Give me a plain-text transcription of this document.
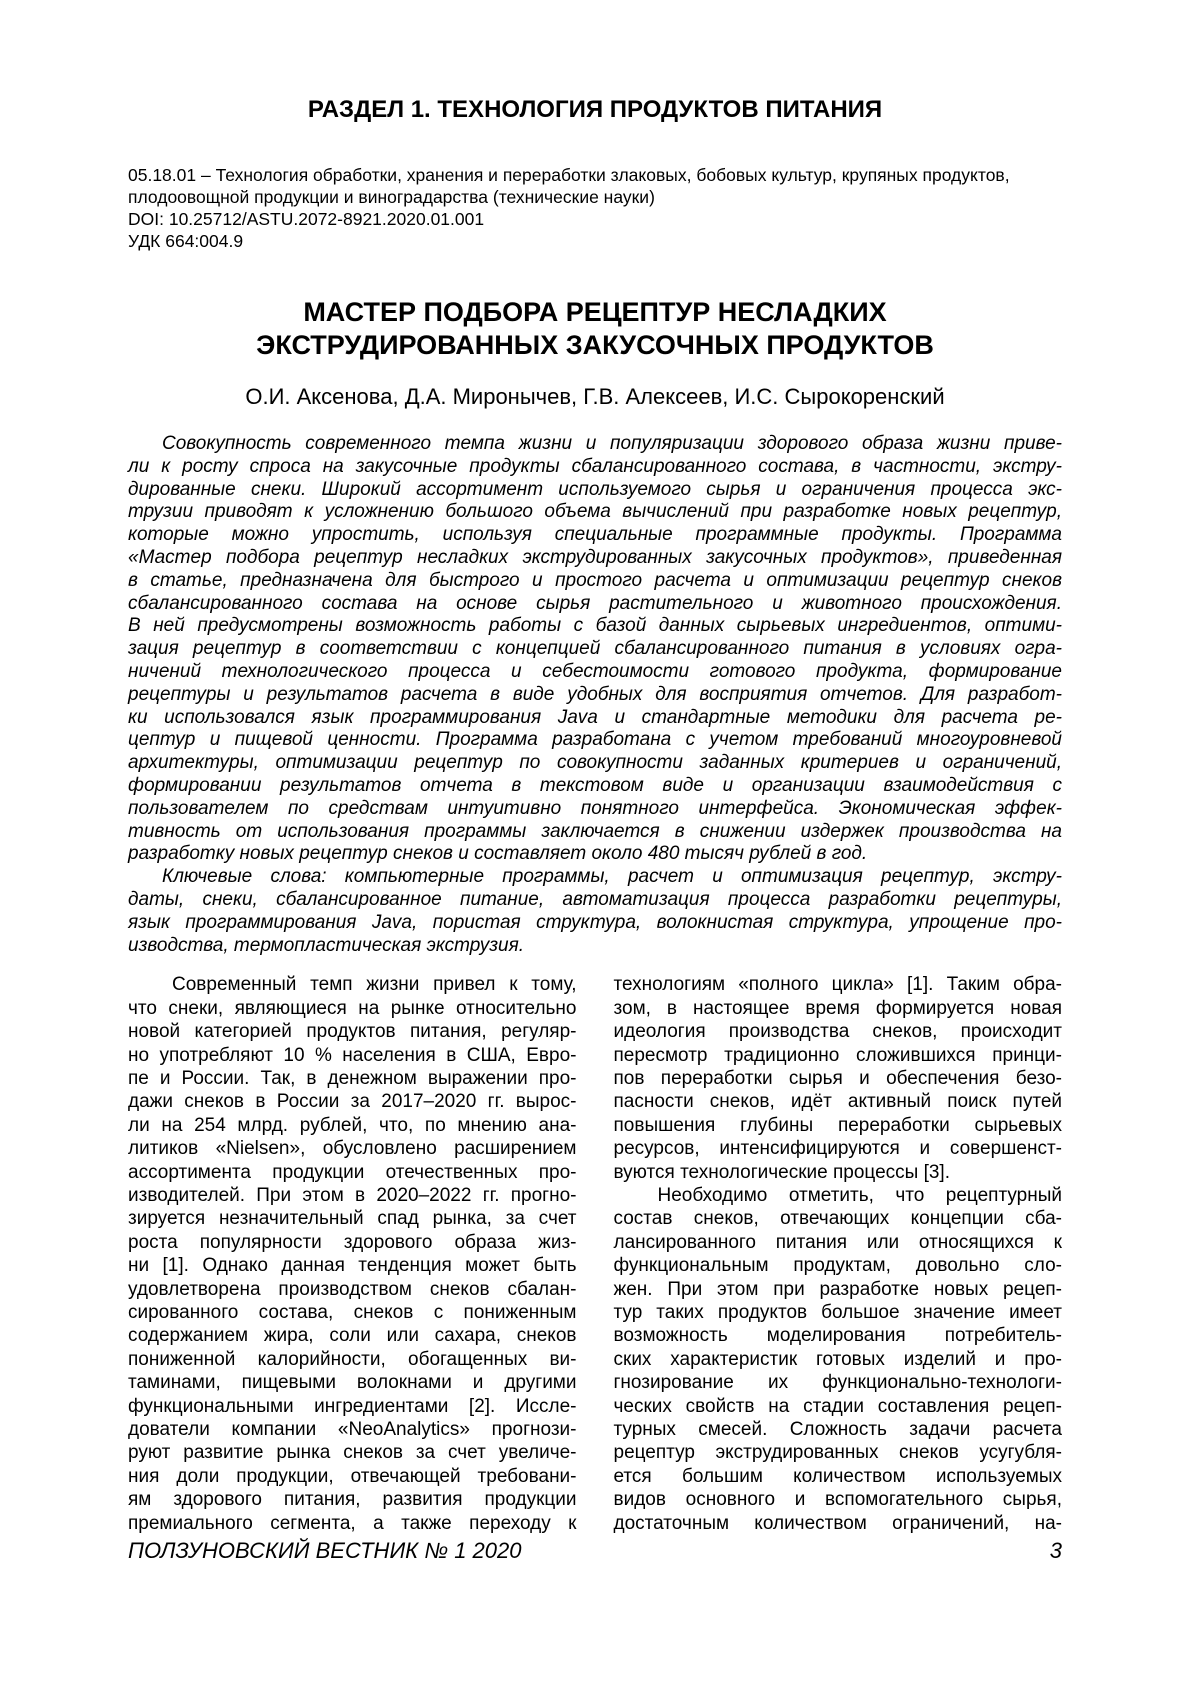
РАЗДЕЛ 1. ТЕХНОЛОГИЯ ПРОДУКТОВ ПИТАНИЯ
05.18.01 – Технология обработки, хранения и переработки злаковых, бобовых культур, крупяных продуктов,
плодоовощной продукции и виноградарства (технические науки)
DOI: 10.25712/ASTU.2072-8921.2020.01.001
УДК 664:004.9
МАСТЕР ПОДБОРА РЕЦЕПТУР НЕСЛАДКИХ
ЭКСТРУДИРОВАННЫХ ЗАКУСОЧНЫХ ПРОДУКТОВ
О.И. Аксенова, Д.А. Миронычев, Г.В. Алексеев, И.С. Сырокоренский
Совокупность современного темпа жизни и популяризации здорового образа жизни приве-
ли к росту спроса на закусочные продукты сбалансированного состава, в частности, экстру-
дированные снеки. Широкий ассортимент используемого сырья и ограничения процесса экс-
трузии приводят к усложнению большого объема вычислений при разработке новых рецептур,
которые можно упростить, используя специальные программные продукты. Программа
«Мастер подбора рецептур несладких экструдированных закусочных продуктов», приведенная
в статье, предназначена для быстрого и простого расчета и оптимизации рецептур снеков
сбалансированного состава на основе сырья растительного и животного происхождения.
В ней предусмотрены возможность работы с базой данных сырьевых ингредиентов, оптими-
зация рецептур в соответствии с концепцией сбалансированного питания в условиях огра-
ничений технологического процесса и себестоимости готового продукта, формирование
рецептуры и результатов расчета в виде удобных для восприятия отчетов. Для разработ-
ки использовался язык программирования Java и стандартные методики для расчета ре-
цептур и пищевой ценности. Программа разработана с учетом требований многоуровневой
архитектуры, оптимизации рецептур по совокупности заданных критериев и ограничений,
формировании результатов отчета в текстовом виде и организации взаимодействия с
пользователем по средствам интуитивно понятного интерфейса. Экономическая эффек-
тивность от использования программы заключается в снижении издержек производства на
разработку новых рецептур снеков и составляет около 480 тысяч рублей в год.
Ключевые слова: компьютерные программы, расчет и оптимизация рецептур, экстру-
даты, снеки, сбалансированное питание, автоматизация процесса разработки рецептуры,
язык программирования Java, пористая структура, волокнистая структура, упрощение про-
изводства, термопластическая экструзия.
Современный темп жизни привел к тому,
что снеки, являющиеся на рынке относительно
новой категорией продуктов питания, регуляр-
но употребляют 10 % населения в США, Евро-
пе и России. Так, в денежном выражении про-
дажи снеков в России за 2017–2020 гг. вырос-
ли на 254 млрд. рублей, что, по мнению ана-
литиков «Nielsen», обусловлено расширением
ассортимента продукции отечественных про-
изводителей. При этом в 2020–2022 гг. прогно-
зируется незначительный спад рынка, за счет
роста популярности здорового образа жиз-
ни [1]. Однако данная тенденция может быть
удовлетворена производством снеков сбалан-
сированного состава, снеков с пониженным
содержанием жира, соли или сахара, снеков
пониженной калорийности, обогащенных ви-
таминами, пищевыми волокнами и другими
функциональными ингредиентами [2]. Иссле-
дователи компании «NeoAnalytics» прогнози-
руют развитие рынка снеков за счет увеличе-
ния доли продукции, отвечающей требовани-
ям здорового питания, развития продукции
премиального сегмента, а также переходу к
технологиям «полного цикла» [1]. Таким обра-
зом, в настоящее время формируется новая
идеология производства снеков, происходит
пересмотр традиционно сложившихся принци-
пов переработки сырья и обеспечения безо-
пасности снеков, идёт активный поиск путей
повышения глубины переработки сырьевых
ресурсов, интенсифицируются и совершенст-
вуются технологические процессы [3].
Необходимо отметить, что рецептурный
состав снеков, отвечающих концепции сба-
лансированного питания или относящихся к
функциональным продуктам, довольно сло-
жен. При этом при разработке новых рецеп-
тур таких продуктов большое значение имеет
возможность моделирования потребитель-
ских характеристик готовых изделий и про-
гнозирование их функционально-технологи-
ческих свойств на стадии составления рецеп-
турных смесей. Сложность задачи расчета
рецептур экструдированных снеков усугубля-
ется большим количеством используемых
видов основного и вспомогательного сырья,
достаточным количеством ограничений, на-
ПОЛЗУНОВСКИЙ ВЕСТНИК № 1 2020	3
